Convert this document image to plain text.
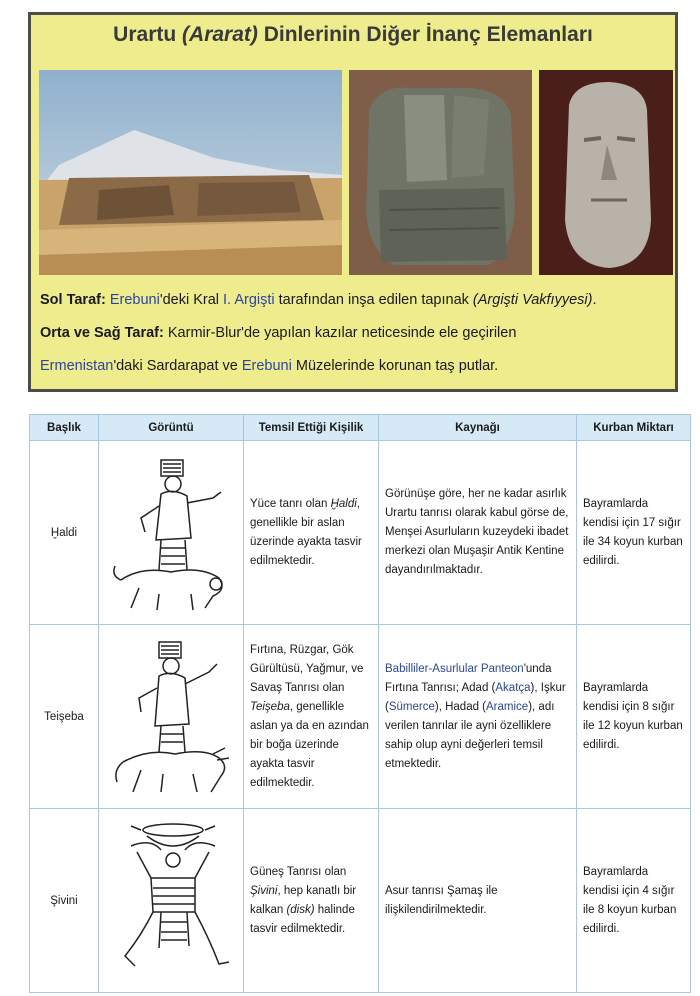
Urartu (Ararat) Dinlerinin Diğer İnanç Elemanları
Sol Taraf: Erebuni'deki Kral I. Argişti tarafından inşa edilen tapınak (Argişti Vakfıyyesi).
Orta ve Sağ Taraf: Karmir-Blur'de yapılan kazılar neticesinde ele geçirilen
Ermenistan'daki Sardarapat ve Erebuni Müzelerinde korunan taş putlar.
Başlık	Görüntü	Temsil Ettiği Kişilik	Kaynağı	Kurban Miktarı
Ḫaldi		Yüce tanrı olan Ḫaldi, genellikle bir aslan üzerinde ayakta tasvir edilmektedir.	Görünüşe göre, her ne kadar asırlık Urartu tanrısı olarak kabul görse de, Menşei Asurluların kuzeydeki ibadet merkezi olan Muşaşir Antik Kentine dayandırılmaktadır.	Bayramlarda kendisi için 17 sığır ile 34 koyun kurban edilirdi.
Teişeba		Fırtına, Rüzgar, Gök Gürültüsü, Yağmur, ve Savaş Tanrısı olan Teişeba, genellikle aslan ya da en azından bir boğa üzerinde ayakta tasvir edilmektedir.	Babilliler-Asurlular Panteon'unda Fırtına Tanrısı; Adad (Akatça), Işkur (Sümerce), Hadad (Aramice), adı verilen tanrılar ile ayni özelliklere sahip olup ayni değerleri temsil etmektedir.	Bayramlarda kendisi için 8 sığır ile 12 koyun kurban edilirdi.
Şivini		Güneş Tanrısı olan Şivini, hep kanatlı bir kalkan (disk) halinde tasvir edilmektedir.	Asur tanrısı Şamaş ile ilişkilendirilmektedir.	Bayramlarda kendisi için 4 sığır ile 8 koyun kurban edilirdi.
